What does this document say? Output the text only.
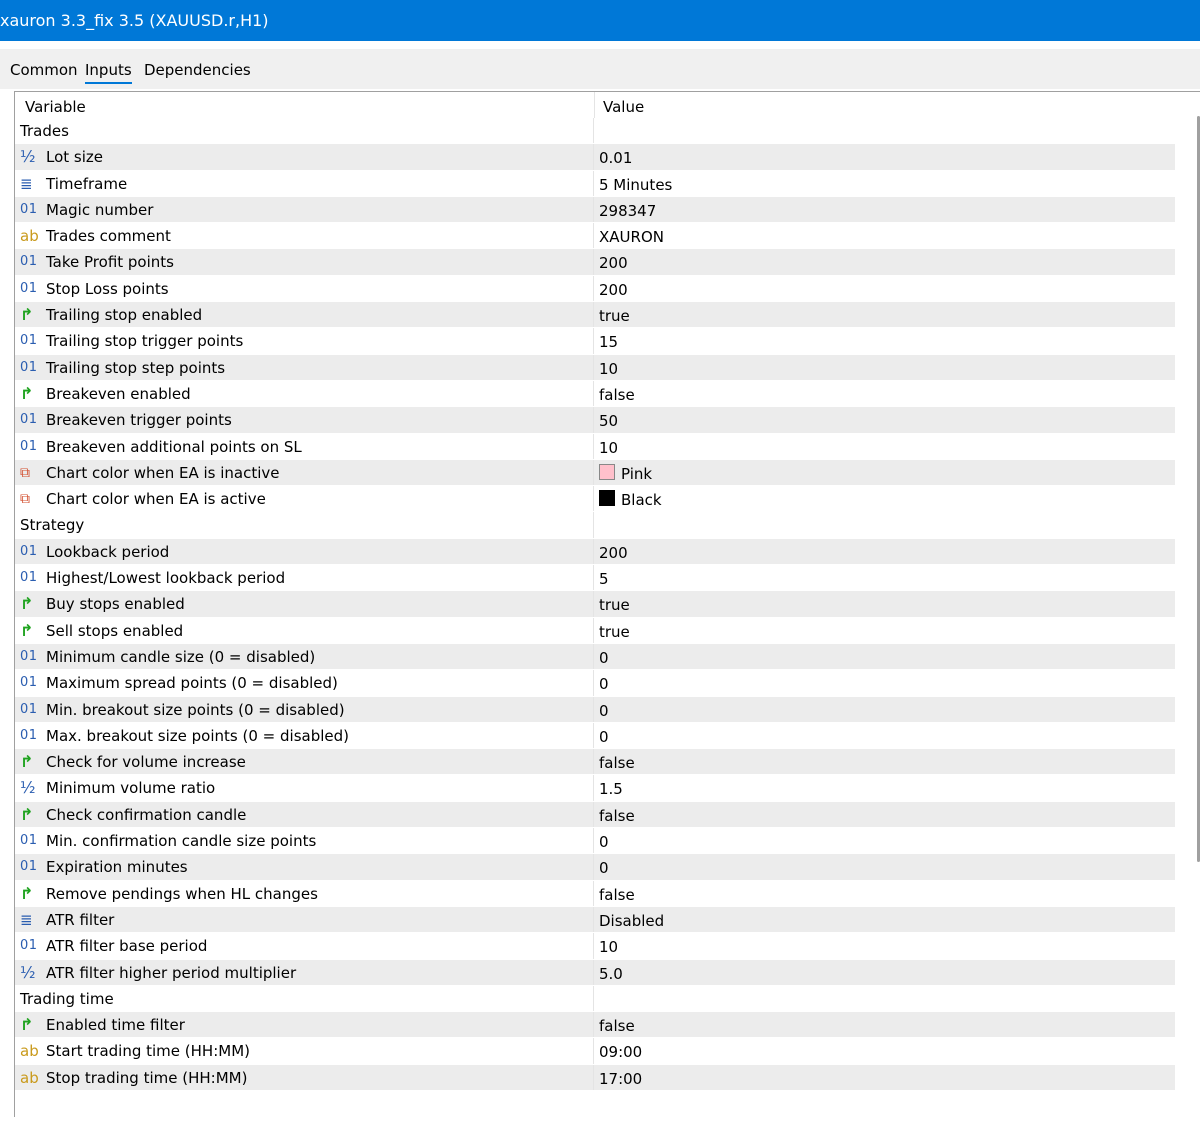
xauron 3.3_fix 3.5 (XAUUSD.r,H1)
Common Inputs Dependencies
Variable	Value
Trades
½ Lot size	0.01
≣ Timeframe	5 Minutes
01 Magic number	298347
ab Trades comment	XAURON
01 Take Profit points	200
01 Stop Loss points	200
↱ Trailing stop enabled	true
01 Trailing stop trigger points	15
01 Trailing stop step points	10
↱ Breakeven enabled	false
01 Breakeven trigger points	50
01 Breakeven additional points on SL	10
⧉	Chart color when EA is inactive	Pink
⧉	Chart color when EA is active	Black
Strategy
01 Lookback period	200
01 Highest/Lowest lookback period	5
↱ Buy stops enabled	true
↱ Sell stops enabled	true
01 Minimum candle size (0 = disabled)	0
01 Maximum spread points (0 = disabled)	0
01 Min. breakout size points (0 = disabled)	0
01 Max. breakout size points (0 = disabled)	0
↱ Check for volume increase	false
½ Minimum volume ratio	1.5
↱ Check confirmation candle	false
01 Min. confirmation candle size points	0
01 Expiration minutes	0
↱ Remove pendings when HL changes	false
≣ ATR filter	Disabled
01 ATR filter base period	10
½ ATR filter higher period multiplier	5.0
Trading time
↱ Enabled time filter	false
ab Start trading time (HH:MM)	09:00
ab Stop trading time (HH:MM)	17:00
